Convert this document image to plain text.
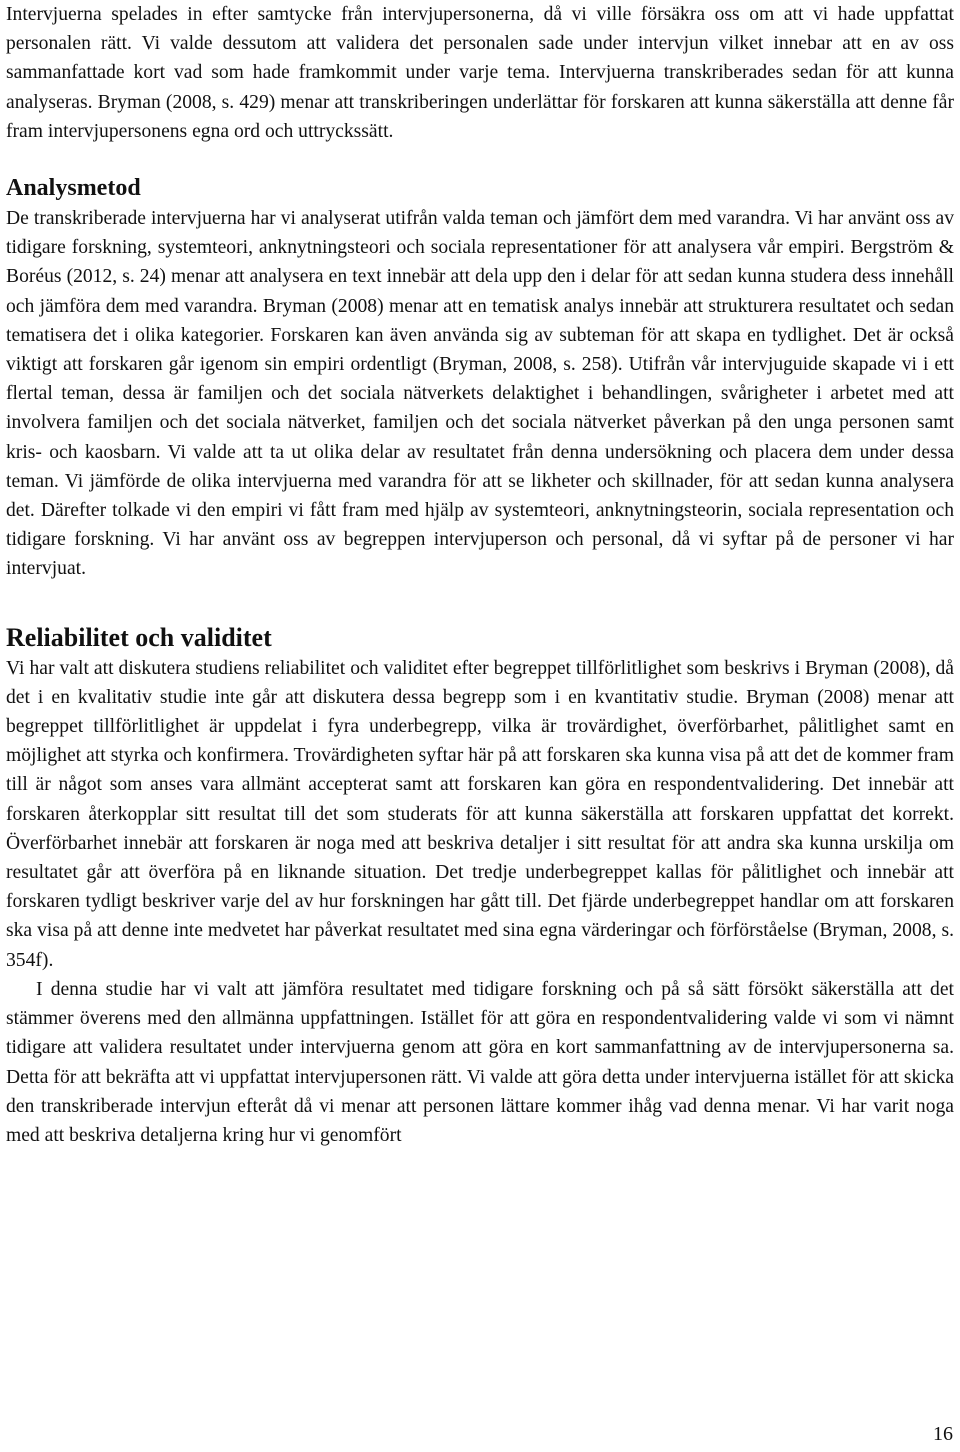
Intervjuerna spelades in efter samtycke från intervjupersonerna, då vi ville försäkra oss om att vi hade uppfattat personalen rätt. Vi valde dessutom att validera det personalen sade under intervjun vilket innebar att en av oss sammanfattade kort vad som hade framkommit under varje tema. Intervjuerna transkriberades sedan för att kunna analyseras. Bryman (2008, s. 429) menar att transkriberingen underlättar för forskaren att kunna säkerställa att denne får fram intervjupersonens egna ord och uttryckssätt.

Analysmetod

De transkriberade intervjuerna har vi analyserat utifrån valda teman och jämfört dem med varandra. Vi har använt oss av tidigare forskning, systemteori, anknytningsteori och sociala representationer för att analysera vår empiri. Bergström & Boréus (2012, s. 24) menar att analysera en text innebär att dela upp den i delar för att sedan kunna studera dess innehåll och jämföra dem med varandra. Bryman (2008) menar att en tematisk analys innebär att strukturera resultatet och sedan tematisera det i olika kategorier. Forskaren kan även använda sig av subteman för att skapa en tydlighet. Det är också viktigt att forskaren går igenom sin empiri ordentligt (Bryman, 2008, s. 258). Utifrån vår intervjuguide skapade vi i ett flertal teman, dessa är familjen och det sociala nätverkets delaktighet i behandlingen, svårigheter i arbetet med att involvera familjen och det sociala nätverket, familjen och det sociala nätverket påverkan på den unga personen samt kris- och kaosbarn. Vi valde att ta ut olika delar av resultatet från denna undersökning och placera dem under dessa teman. Vi jämförde de olika intervjuerna med varandra för att se likheter och skillnader, för att sedan kunna analysera det. Därefter tolkade vi den empiri vi fått fram med hjälp av systemteori, anknytningsteorin, sociala representation och tidigare forskning. Vi har använt oss av begreppen intervjuperson och personal, då vi syftar på de personer vi har intervjuat.

Reliabilitet och validitet

Vi har valt att diskutera studiens reliabilitet och validitet efter begreppet tillförlitlighet som beskrivs i Bryman (2008), då det i en kvalitativ studie inte går att diskutera dessa begrepp som i en kvantitativ studie. Bryman (2008) menar att begreppet tillförlitlighet är uppdelat i fyra underbegrepp, vilka är trovärdighet, överförbarhet, pålitlighet samt en möjlighet att styrka och konfirmera. Trovärdigheten syftar här på att forskaren ska kunna visa på att det de kommer fram till är något som anses vara allmänt accepterat samt att forskaren kan göra en respondentvalidering. Det innebär att forskaren återkopplar sitt resultat till det som studerats för att kunna säkerställa att forskaren uppfattat det korrekt. Överförbarhet innebär att forskaren är noga med att beskriva detaljer i sitt resultat för att andra ska kunna urskilja om resultatet går att överföra på en liknande situation. Det tredje underbegreppet kallas för pålitlighet och innebär att forskaren tydligt beskriver varje del av hur forskningen har gått till. Det fjärde underbegreppet handlar om att forskaren ska visa på att denne inte medvetet har påverkat resultatet med sina egna värderingar och förförståelse (Bryman, 2008, s. 354f).

I denna studie har vi valt att jämföra resultatet med tidigare forskning och på så sätt försökt säkerställa att det stämmer överens med den allmänna uppfattningen. Istället för att göra en respondentvalidering valde vi som vi nämnt tidigare att validera resultatet under intervjuerna genom att göra en kort sammanfattning av de intervjupersonerna sa. Detta för att bekräfta att vi uppfattat intervjupersonen rätt. Vi valde att göra detta under intervjuerna istället för att skicka den transkriberade intervjun efteråt då vi menar att personen lättare kommer ihåg vad denna menar. Vi har varit noga med att beskriva detaljerna kring hur vi genomfört

16
